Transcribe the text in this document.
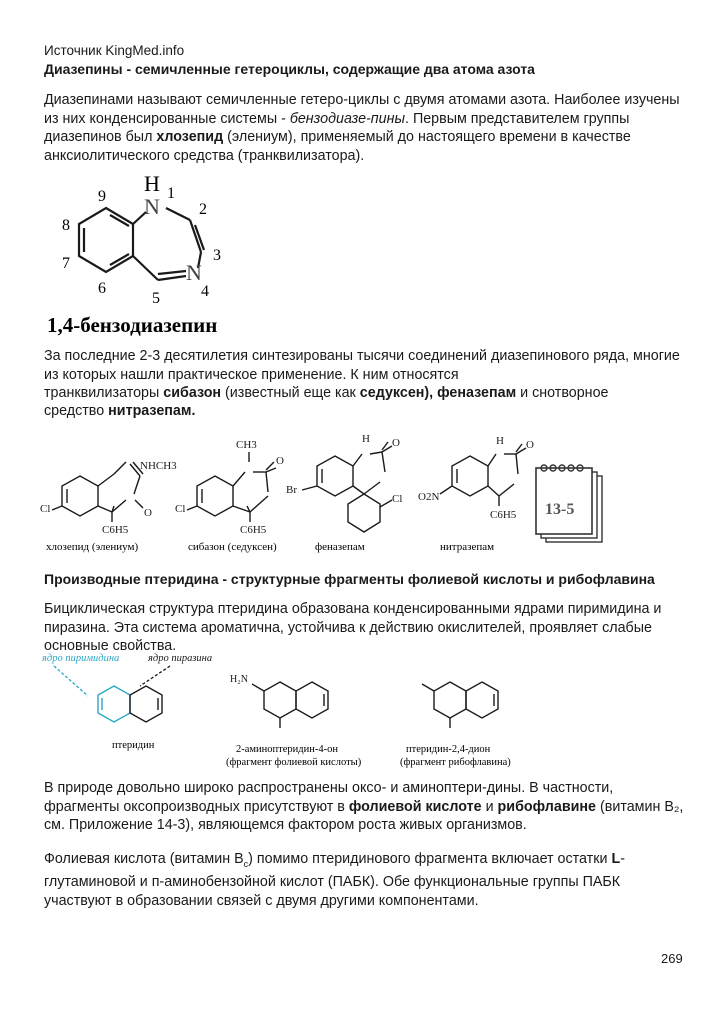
Источник KingMed.info
Диазепины - семичленные гетероциклы, содержащие два атома азота
Диазепинами называют семичленные гетеро-циклы с двумя атомами азота. Наиболее изучены из них конденсированные системы - бензодиазе-пины. Первым представителем группы диазепинов был хлозепид (элениум), применяемый до настоящего времени в качестве анксиолитического средства (транквилизатора).
H
N
N
1
2
3
4
5
6
7
8
9
1,4-бензодиазепин
За последние 2-3 десятилетия синтезированы тысячи соединений диазепинового ряда, многие из которых нашли практическое применение. К ним относятся
транквилизаторы сибазон (известный еще как седуксен), феназепам и снотворное
средство нитразепам.
NHCH3
Cl	O
C6H5
Cl
CH3
O
C6H5
Br
O
H
Cl O2N
O
H
C6H5
хлозепид (элениум)	сибазон (седуксен)	феназепам	нитразепам
13-5
Производные птеридина - структурные фрагменты фолиевой кислоты и рибофлавина
Бициклическая структура птеридина образована конденсированными ядрами пиримидина и пиразина. Эта система ароматична, устойчива к действию окислителей, проявляет слабые основные свойства.
ядро пиримидина	ядро пиразина
птеридин
H₂N
2-аминоптеридин-4-он
(фрагмент фолиевой кислоты)
птеридин-2,4-дион
(фрагмент рибофлавина)
В природе довольно широко распространены оксо- и аминоптери-дины. В частности, фрагменты оксопроизводных присутствуют в фолиевой кислоте и рибофлавине (витамин B₂, см. Приложение 14-3), являющемся фактором роста живых организмов.
Фолиевая кислота (витамин $B_c$) помимо птеридинового фрагмента включает остатки L-глутаминовой и п-аминобензойной кислот (ПАБК). Обе функциональные группы ПАБК участвуют в образовании связей с двумя другими компонентами.
269
